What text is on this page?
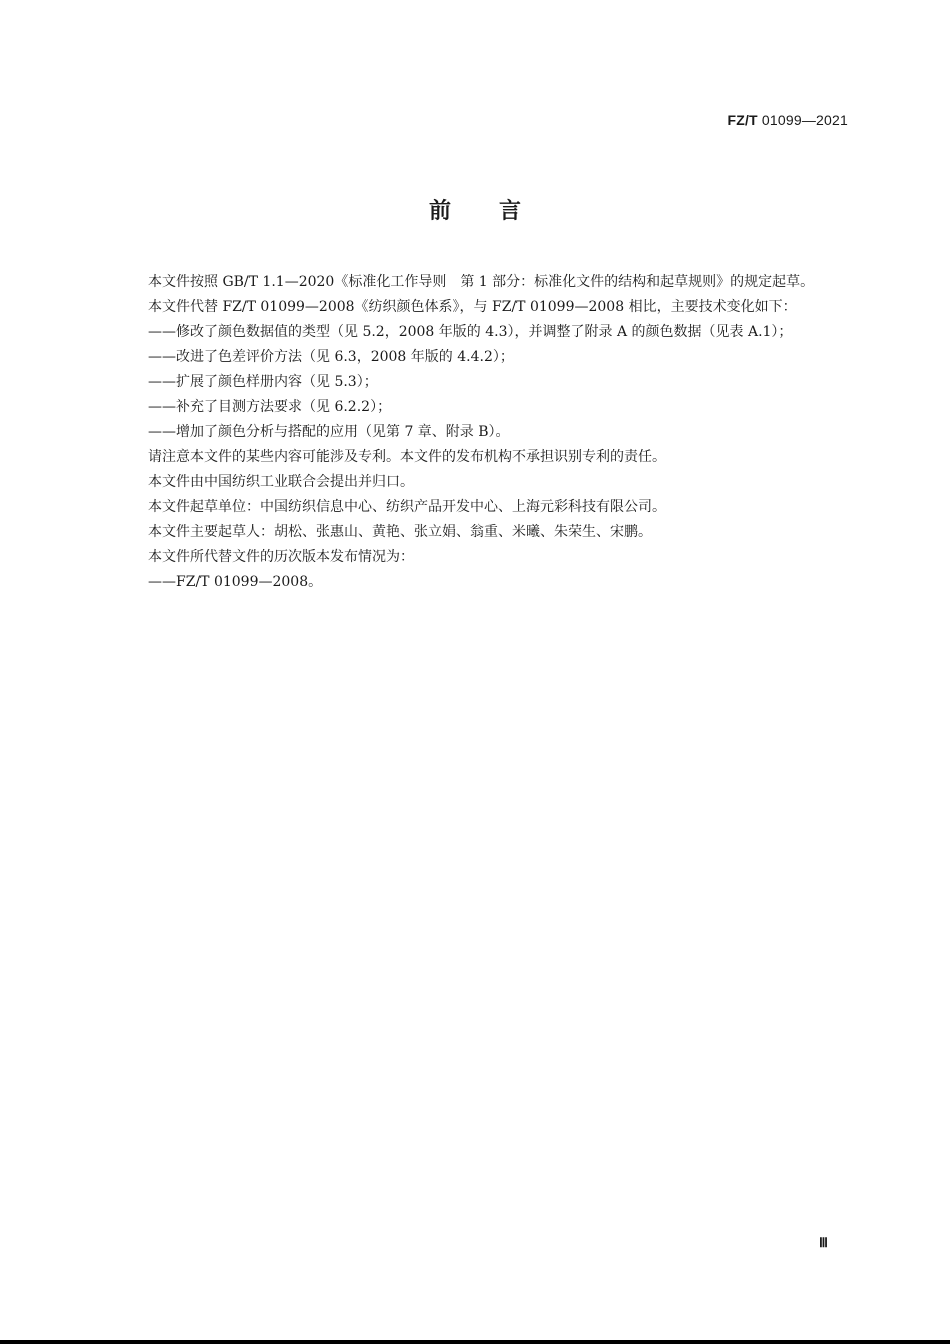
FZ/T 01099—2021
前言

本文件按照 GB/T 1.1—2020《标准化工作导则　第 1 部分：标准化文件的结构和起草规则》的规定起草。

本文件代替 FZ/T 01099—2008《纺织颜色体系》，与 FZ/T 01099—2008 相比，主要技术变化如下：

——修改了颜色数据值的类型（见 5.2，2008 年版的 4.3），并调整了附录 A 的颜色数据（见表 A.1）；

——改进了色差评价方法（见 6.3，2008 年版的 4.4.2）；

——扩展了颜色样册内容（见 5.3）；

——补充了目测方法要求（见 6.2.2）；

——增加了颜色分析与搭配的应用（见第 7 章、附录 B）。

请注意本文件的某些内容可能涉及专利。本文件的发布机构不承担识别专利的责任。

本文件由中国纺织工业联合会提出并归口。

本文件起草单位：中国纺织信息中心、纺织产品开发中心、上海元彩科技有限公司。

本文件主要起草人：胡松、张惠山、黄艳、张立娟、翁重、米曦、朱荣生、宋鹏。

本文件所代替文件的历次版本发布情况为：

——FZ/T 01099—2008。

Ⅲ
